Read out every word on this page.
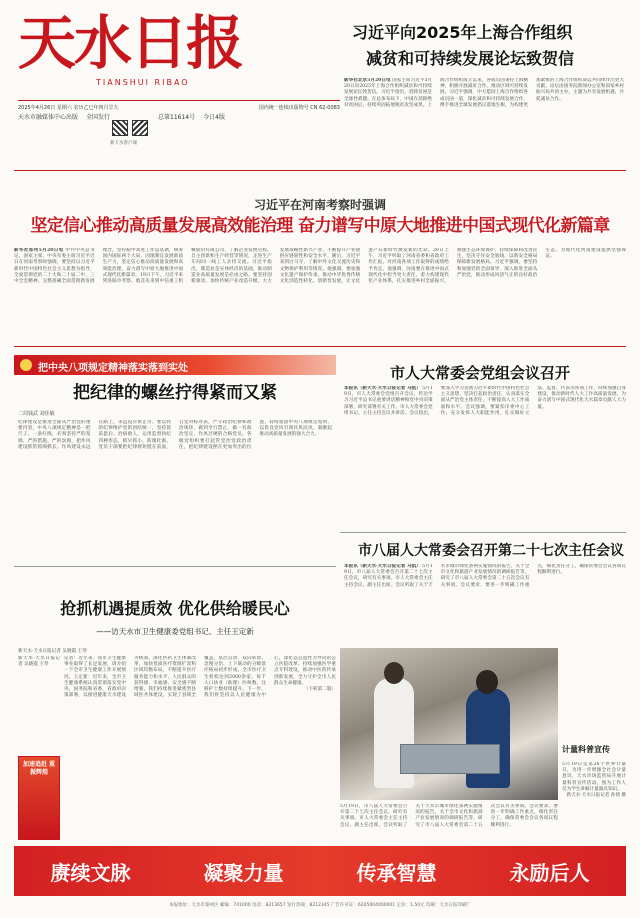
天水日报
TIANSHUI RIBAO
习近平向2025年上海合作组织
减贫和可持续发展论坛致贺信
2025年4月26日 星期六 农历乙巳年四月廿九	国内统一连续出版物号 CN 62-0083
天水市融媒体中心出版 全国发行	总第11614号 今日4版
新天水客户端
新华社北京5月20日电 国家主席习近平5月20日向2025年上海合作组织减贫和可持续发展论坛致贺信。习近平指出，消除贫困是全球性难题。在总体布局下，中国在消除绝对贫困后，持续巩固拓展脱贫攻坚成果。上海合作组织成立以来，各成员国秉持上海精神，积极开展减贫合作，推动区域可持续发展。习近平强调，中方愿同上海合作组织各成员国一道，深化减贫和可持续发展合作，携手推进全球发展倡议落地生根，为构建更加紧密的上海合作组织命运共同体作出更大贡献。论坛由国务院新闻办公室和国家乡村振兴局共同主办，主题为共享发展机遇，共促减贫合作。
习近平在河南考察时强调
坚定信心推动高质量发展高效能治理 奋力谱写中原大地推进中国式现代化新篇章
新华社郑州5月20日电 中共中央总书记、国家主席、中央军委主席习近平近日在河南考察时强调，要坚持以习近平新时代中国特色社会主义思想为指导，全面贯彻党的二十大和二十届二中、三中全会精神，完整准确全面贯彻新发展理念，坚持稳中求进工作总基调，统筹国内国际两个大局，因地制宜发展新质生产力，坚定信心推动高质量发展和高效能治理，奋力谱写中原大地推进中国式现代化新篇章。19日下午，习近平来到洛阳市考察。他首先来到中信重工机械股份有限公司，了解企业发展历程、自主创新和生产经营等情况，走进生产车间同一线工人亲切交流。习近平指出，制造业是实体经济的基础，推动制造业高质量发展是必由之路。要坚持创新驱动，加快传统产业改造升级，大力发展战略性新兴产业，不断提升产业链供应链韧性和安全水平。随后，习近平来到白马寺，了解中外文化交流历史和文物保护利用等情况。他强调，要加强文化遗产保护传承，推动中华优秀传统文化创造性转化、创新性发展，让文化遗产在新时代焕发新的光彩。20日上午，习近平听取了河南省委和省政府工作汇报，对河南各项工作取得的成绩给予肯定。他强调，河南要在推进中国式现代化中担当更大责任，着力构建现代化产业体系，扎实推进乡村全面振兴，加强生态环境保护，持续保障和改善民生，坚决守住安全底线，以新安全格局保障新发展格局。习近平强调，要坚持和加强党的全面领导，深入推进全面从严治党，推动形成风清气正的良好政治生态，为现代化河南建设提供坚强保证。
把中央八项规定精神落实落到实处
把纪律的螺丝拧得紧而又紧
二周钱武 刘佳敏
纪律建设是推进全面从严治党的重要内容，中央八项规定精神是一把尺子、一条红线，必须坚持严的基调、严的措施、严的氛围，把作风建设抓常抓细抓长。作风建设永远在路上，永远没有休止符。要以铁的纪律维护党的团结统一，坚持惩前毖后、治病救人，运用监督执纪四种形态，抓早抓小、防微杜渐。党员干部要把纪律规矩挺在前面，自觉对标对表，严守政治纪律和政治规矩，做到令行禁止，做一名政治坚定、作风过硬的合格党员。各级党组织要扛起管党治党政治责任，把纪律建设摆在更加突出的位置，持续加固中央八项规定堤坝，以优良党风引领社风民风，凝聚起推动高质量发展的强大合力。
市人大常委会党组会议召开
本报讯（新天水·天水日报记者 马凯） 5月19日，市人大常委会党组召开会议，传达学习习近平总书记重要讲话精神和党中央决策部署，研究部署有关工作。市人大常委会党组书记、主任主持会议并讲话。会议指出，要深入学习贯彻习近平新时代中国特色社会主义思想，坚决扛起政治责任，认真落实全面从严治党主体责任，不断提高人大工作质量和水平。会议强调，要紧扣市委中心工作，充分发挥人大职能作用，扎实做好立法、监督、代表等各项工作，持续加强自身建设，推动新时代人大工作高质量发展，为奋力谱写中国式现代化天水篇章贡献人大力量。
市八届人大常委会召开第二十七次主任会议
本报讯（新天水·天水日报记者 马凯） 5月19日，市八届人大常委会召开第二十七次主任会议，研究有关事项。市人大常委会主任主持会议，副主任出席。会议听取了关于天水市城市绿化条例实施情况的报告，关于全市文化和旅游产业发展情况的调研报告等，研究了市八届人大常委会第二十五次会议有关事项。会议要求，要进一步明确工作重点，细化责任分工，确保常委会会议各项议程顺利进行。
抢抓机遇提质效 优化供给暖民心
——访天水市卫生健康委党组书记、主任王定新
新天水·天水日报记者 吴晓霞 王琴
记者：近年来，我市卫生健康事业取得了长足发展，请介绍一下全市卫生健康工作开展情况。王定新：近年来，全市卫生健康系统认真贯彻落实党中央、国务院和省委、省政府决策部署，以推进健康天水建设为统领，深化医药卫生体制改革，加快优质医疗资源扩容和区域均衡布局，不断提升医疗服务能力和水平，人民群众的获得感、幸福感、安全感不断增强。我们持续推进紧密型县域医共体建设，实现了县域全覆盖，基层首诊、双向转诊、急慢分治、上下联动的分级诊疗格局初步形成。全市医疗卫生机构达到2000余家，每千人口执业（助理）医师数、注册护士数持续提升。下一步，我们将坚持以人民健康为中心，深化以公益性为导向的公立医院改革，持续加强医学重点专科建设，推动中医药传承创新发展，全力守护全市人民群众生命健康。
（下转第二版）
新天水·天水日报记者 吴晓霞 王琴
加速追赶 重振辉煌
计量科普宣传
5月19日是第26个世界计量日，为进一步增强全社会计量意识，天水市场监管局开展计量科普宣传活动。图为工作人员为学生讲解计量器具知识。
新天水·天水日报记者 孙倩 摄
5月19日，市八届人大常委会召开第二十七次主任会议，研究有关事项。市人大常委会主任主持会议，副主任出席。会议听取了关于天水市城市绿化条例实施情况的报告，关于全市文化和旅游产业发展情况的调研报告等，研究了市八届人大常委会第二十五次会议有关事项。会议要求，要进一步明确工作重点，细化责任分工，确保常委会会议各项议程顺利进行。
赓续文脉	凝聚力量	传承智慧	永励后人
本报地址：天水市秦州区 邮编：741000 电话：8213657 发行热线：8212345 广告许可证：6205004000001 定价：1.50元 印刷：天水日报印刷厂
